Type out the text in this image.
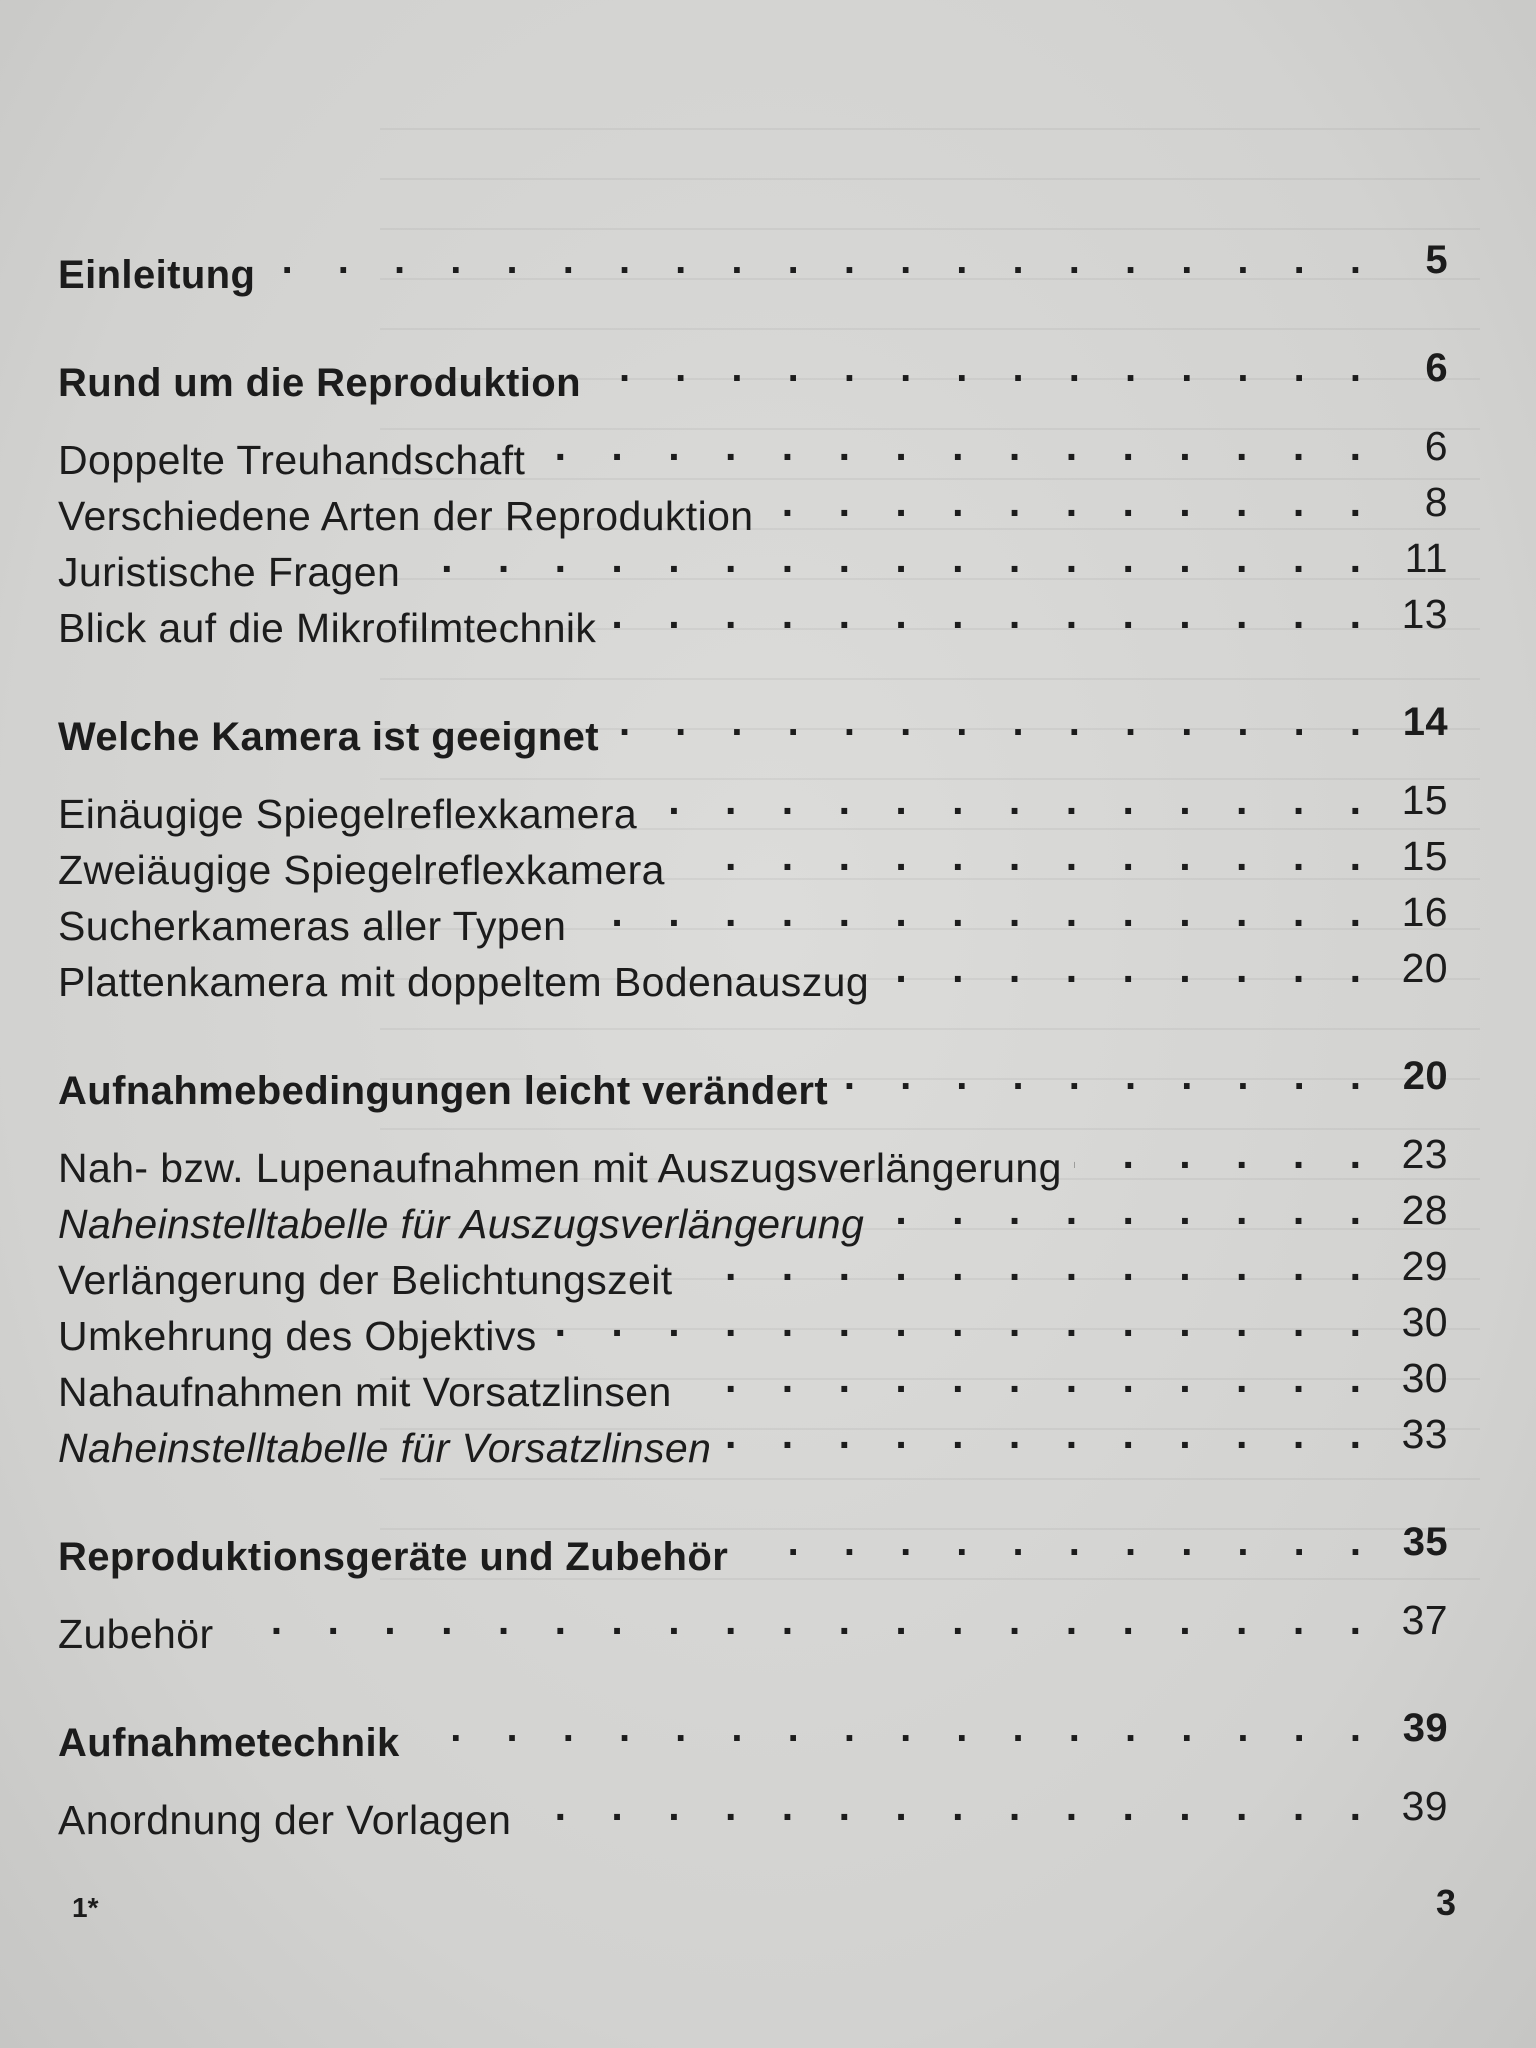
Einleitung . . .	5
Rund um die Reproduktion . . .	6
Doppelte Treuhandschaft . . .	6
Verschiedene Arten der Reproduktion . . .	8
Juristische Fragen . . .	11
Blick auf die Mikrofilmtechnik . . .	13
Welche Kamera ist geeignet . . .	14
Einäugige Spiegelreflexkamera . . .	15
Zweiäugige Spiegelreflexkamera . . .	15
Sucherkameras aller Typen . . .	16
Plattenkamera mit doppeltem Bodenauszug . . .	20
Aufnahmebedingungen leicht verändert . . .	20
Nah- bzw. Lupenaufnahmen mit Auszugsverlängerung . . .	23
Naheinstelltabelle für Auszugsverlängerung . . .	28
Verlängerung der Belichtungszeit . . .	29
Umkehrung des Objektivs . . .	30
Nahaufnahmen mit Vorsatzlinsen . . .	30
Naheinstelltabelle für Vorsatzlinsen . . .	33
Reproduktionsgeräte und Zubehör . . .	35
Zubehör . . .	37
Aufnahmetechnik . . .	39
Anordnung der Vorlagen . . .	39
1*	3
